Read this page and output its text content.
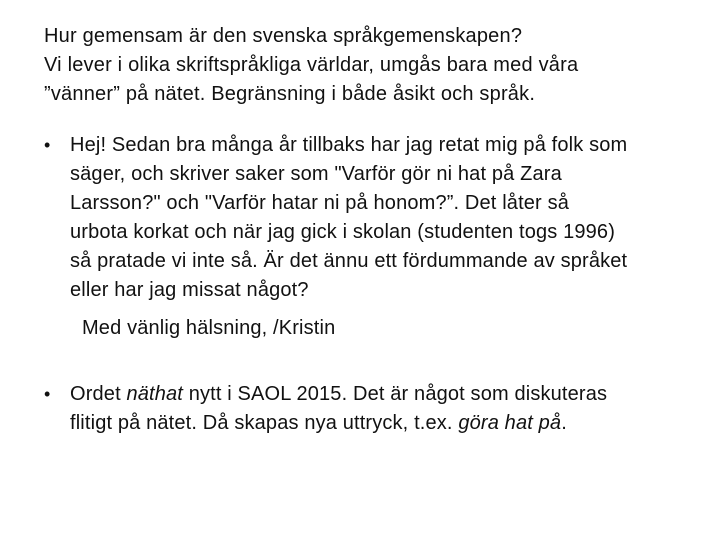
Hur gemensam är den svenska språkgemenskapen?
Vi lever i olika skriftspråkliga världar, umgås bara med våra
”vänner” på nätet. Begränsning i både åsikt och språk.
• Hej! Sedan bra många år tillbaks har jag retat mig på folk som
säger, och skriver saker som "Varför gör ni hat på Zara
Larsson?" och "Varför hatar ni på honom?”. Det låter så
urbota korkat och när jag gick i skolan (studenten togs 1996)
så pratade vi inte så. Är det ännu ett fördummande av språket
eller har jag missat något?
Med vänlig hälsning, /Kristin
• Ordet näthat nytt i SAOL 2015. Det är något som diskuteras
flitigt på nätet. Då skapas nya uttryck, t.ex. göra hat på.
